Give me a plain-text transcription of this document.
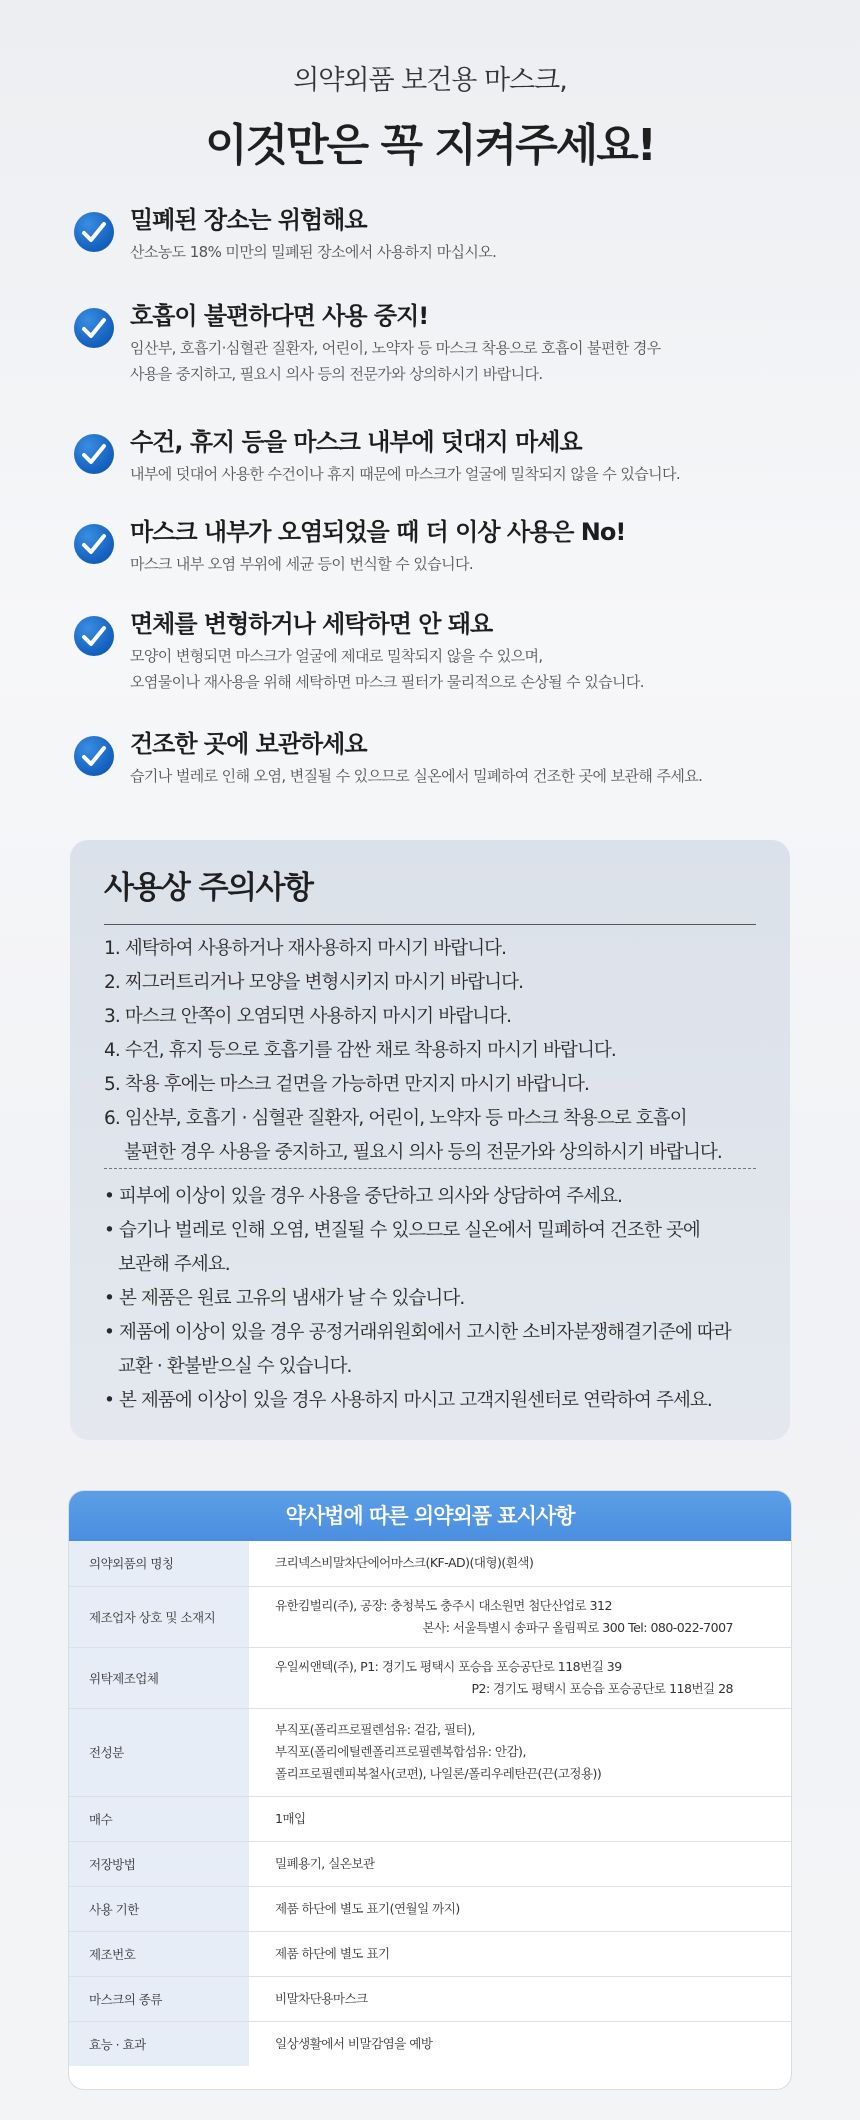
의약외품 보건용 마스크,
이것만은 꼭 지켜주세요!
밀폐된 장소는 위험해요
산소농도 18% 미만의 밀폐된 장소에서 사용하지 마십시오.
호흡이 불편하다면 사용 중지!
임산부, 호흡기·심혈관 질환자, 어린이, 노약자 등 마스크 착용으로 호흡이 불편한 경우
사용을 중지하고, 필요시 의사 등의 전문가와 상의하시기 바랍니다.
수건, 휴지 등을 마스크 내부에 덧대지 마세요
내부에 덧대어 사용한 수건이나 휴지 때문에 마스크가 얼굴에 밀착되지 않을 수 있습니다.
마스크 내부가 오염되었을 때 더 이상 사용은 No!
마스크 내부 오염 부위에 세균 등이 번식할 수 있습니다.
면체를 변형하거나 세탁하면 안 돼요
모양이 변형되면 마스크가 얼굴에 제대로 밀착되지 않을 수 있으며,
오염물이나 재사용을 위해 세탁하면 마스크 필터가 물리적으로 손상될 수 있습니다.
건조한 곳에 보관하세요
습기나 벌레로 인해 오염, 변질될 수 있으므로 실온에서 밀폐하여 건조한 곳에 보관해 주세요.
사용상 주의사항
1. 세탁하여 사용하거나 재사용하지 마시기 바랍니다.
2. 찌그러트리거나 모양을 변형시키지 마시기 바랍니다.
3. 마스크 안쪽이 오염되면 사용하지 마시기 바랍니다.
4. 수건, 휴지 등으로 호흡기를 감싼 채로 착용하지 마시기 바랍니다.
5. 착용 후에는 마스크 겉면을 가능하면 만지지 마시기 바랍니다.
6. 임산부, 호흡기 · 심혈관 질환자, 어린이, 노약자 등 마스크 착용으로 호흡이
불편한 경우 사용을 중지하고, 필요시 의사 등의 전문가와 상의하시기 바랍니다.
• 피부에 이상이 있을 경우 사용을 중단하고 의사와 상담하여 주세요.
• 습기나 벌레로 인해 오염, 변질될 수 있으므로 실온에서 밀폐하여 건조한 곳에
보관해 주세요.
• 본 제품은 원료 고유의 냄새가 날 수 있습니다.
• 제품에 이상이 있을 경우 공정거래위원회에서 고시한 소비자분쟁해결기준에 따라
교환 · 환불받으실 수 있습니다.
• 본 제품에 이상이 있을 경우 사용하지 마시고 고객지원센터로 연락하여 주세요.
약사법에 따른 의약외품 표시사항
의약외품의 명칭	크리넥스비말차단에어마스크(KF-AD)(대형)(흰색)

제조업자 상호 및 소재지	유한킴벌리(주), 공장: 충청북도 충주시 대소원면 첨단산업로 312
본사: 서울특별시 송파구 올림픽로 300 Tel: 080-022-7007

위탁제조업체	우일씨앤텍(주), P1: 경기도 평택시 포승읍 포승공단로 118번길 39
P2: 경기도 평택시 포승읍 포승공단로 118번길 28

전성분	부직포(폴리프로필렌섬유: 겉감, 필터),
부직포(폴리에틸렌폴리프로필렌복합섬유: 안감),
폴리프로필렌피복철사(코편), 나일론/폴리우레탄끈(끈(고정용))

매수	1매입

저장방법	밀폐용기, 실온보관

사용 기한	제품 하단에 별도 표기(연월일 까지)

제조번호	제품 하단에 별도 표기

마스크의 종류	비말차단용마스크

효능 · 효과	일상생활에서 비말감염을 예방
